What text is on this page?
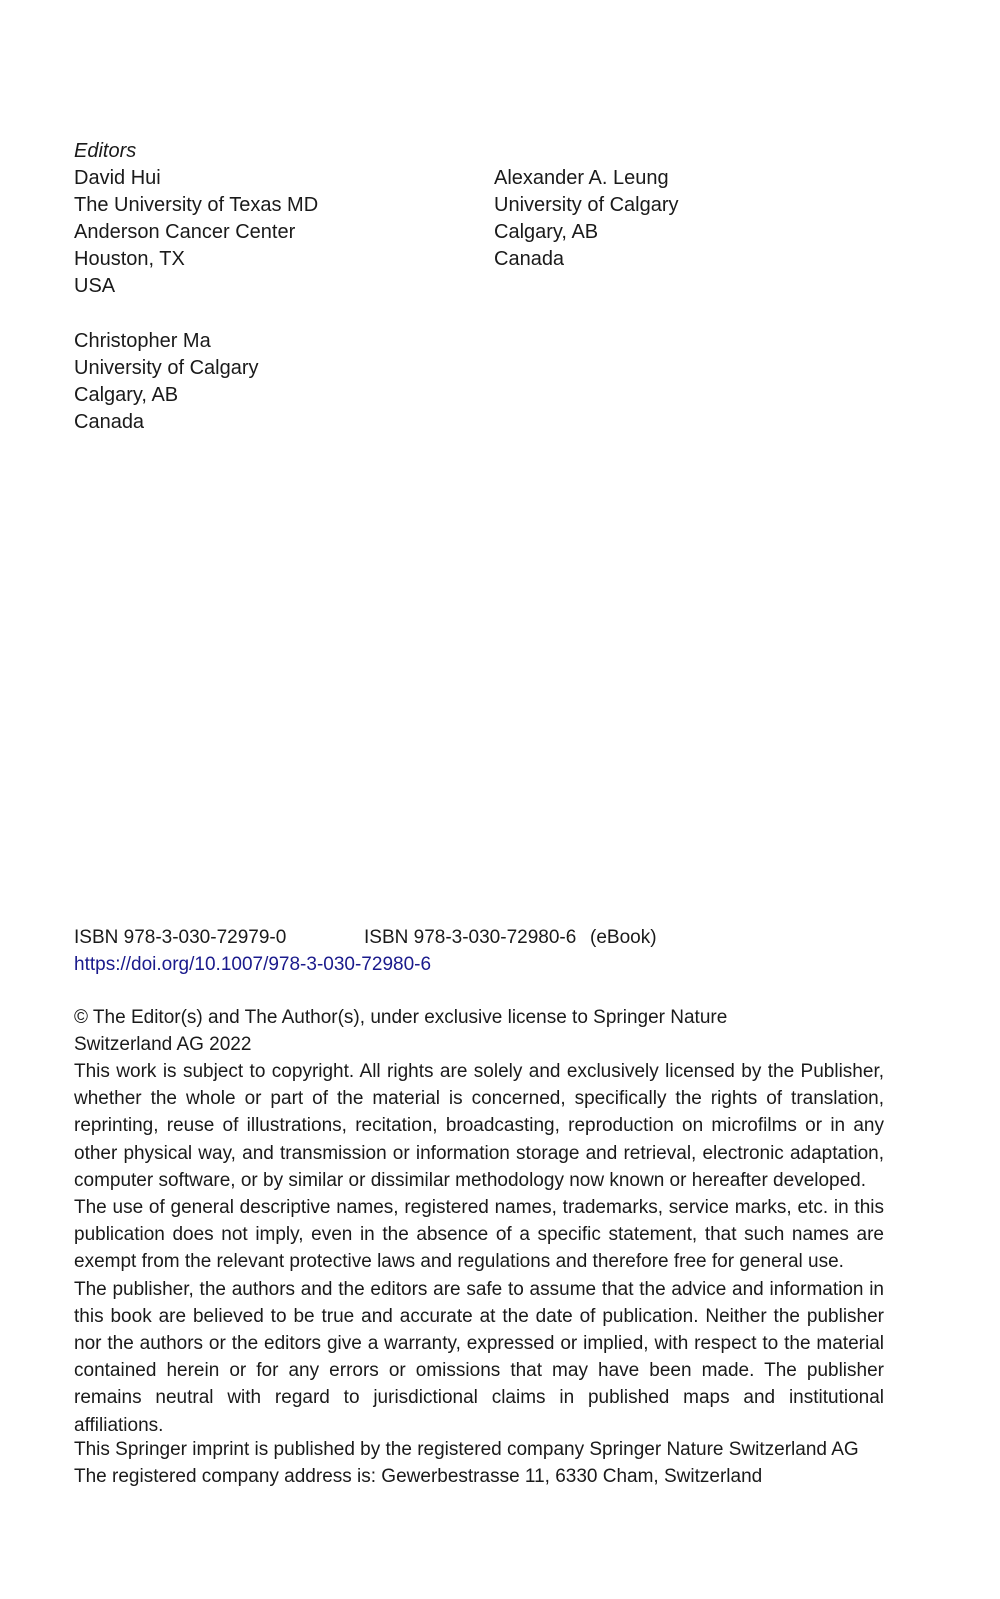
Editors
David Hui
The University of Texas MD
Anderson Cancer Center
Houston, TX
USA
Alexander A. Leung
University of Calgary
Calgary, AB
Canada
Christopher Ma
University of Calgary
Calgary, AB
Canada
ISBN 978-3-030-72979-0	ISBN 978-3-030-72980-6 (eBook)
https://doi.org/10.1007/978-3-030-72980-6
© The Editor(s) and The Author(s), under exclusive license to Springer Nature
Switzerland AG 2022

This work is subject to copyright. All rights are solely and exclusively licensed by the Publisher, whether the whole or part of the material is concerned, specifically the rights of translation, reprinting, reuse of illustrations, recitation, broadcasting, reproduction on microfilms or in any other physical way, and transmission or information storage and retrieval, electronic adaptation, computer software, or by similar or dissimilar methodology now known or hereafter developed.

The use of general descriptive names, registered names, trademarks, service marks, etc. in this publication does not imply, even in the absence of a specific statement, that such names are exempt from the relevant protective laws and regulations and therefore free for general use.

The publisher, the authors and the editors are safe to assume that the advice and information in this book are believed to be true and accurate at the date of publication. Neither the publisher nor the authors or the editors give a warranty, expressed or implied, with respect to the material contained herein or for any errors or omissions that may have been made. The publisher remains neutral with regard to jurisdictional claims in published maps and institutional affiliations.

This Springer imprint is published by the registered company Springer Nature Switzerland AG
The registered company address is: Gewerbestrasse 11, 6330 Cham, Switzerland
